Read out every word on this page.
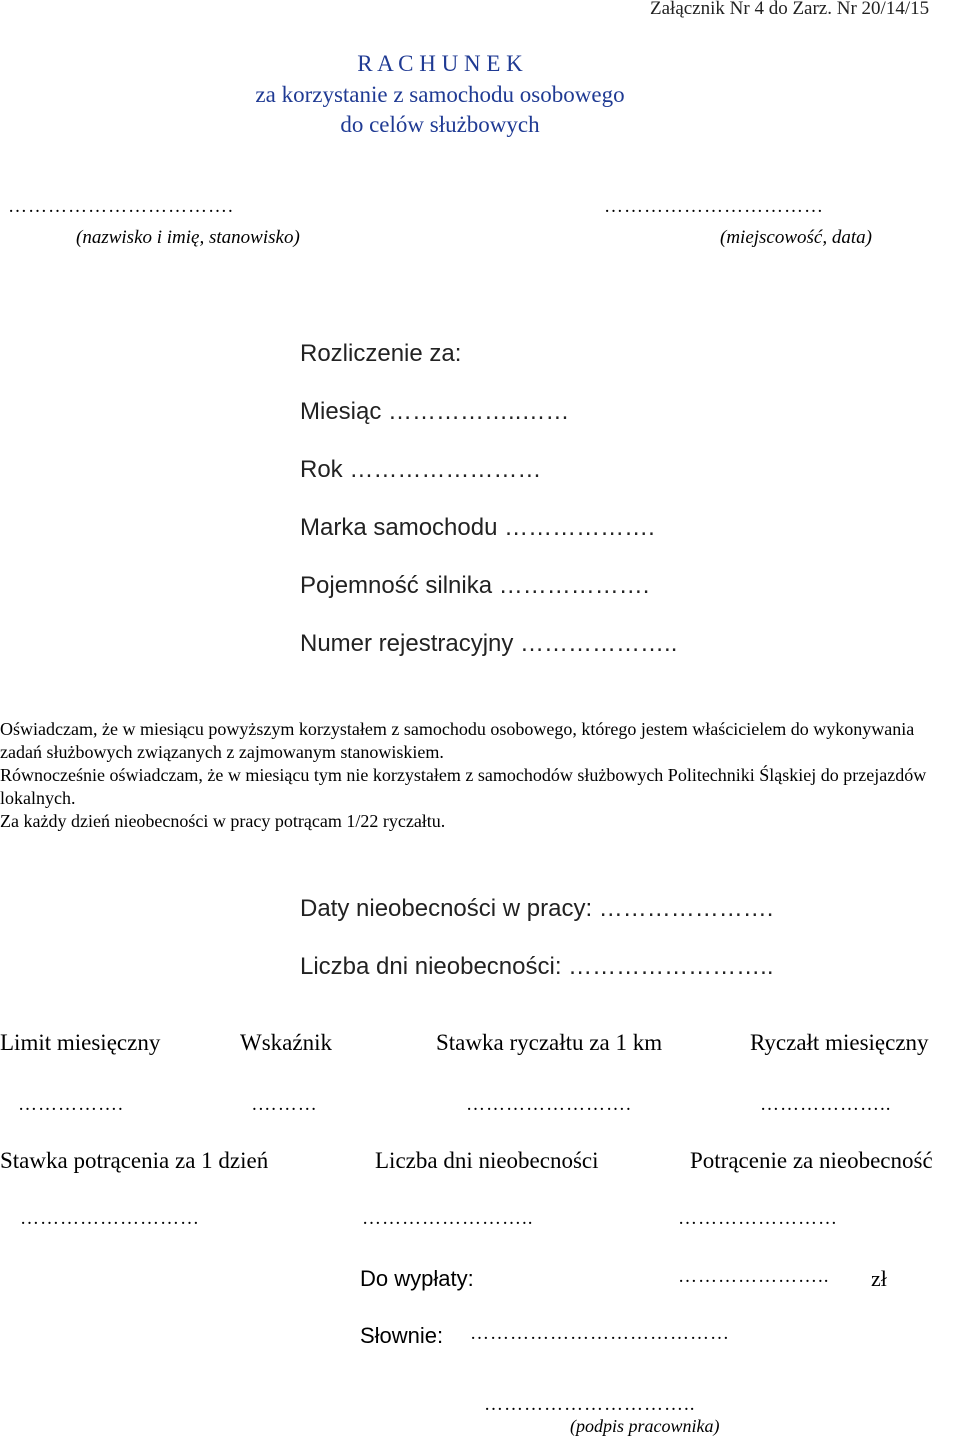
Załącznik Nr 4 do Zarz. Nr 20/14/15
R A C H U N E K
za korzystanie z samochodu osobowego
do celów służbowych
…………………………….
(nazwisko i imię, stanowisko)
……………………………
(miejscowość, data)
Rozliczenie za:
Miesiąc ……………..……
Rok ……………………
Marka samochodu ……………….
Pojemność silnika ……………….
Numer rejestracyjny ………………..
Oświadczam, że w miesiącu powyższym korzystałem z samochodu osobowego, którego jestem właścicielem do wykonywania zadań służbowych związanych z zajmowanym stanowiskiem.
Równocześnie oświadczam, że w miesiącu tym nie korzystałem z samochodów służbowych Politechniki Śląskiej do przejazdów lokalnych.
Za każdy dzień nieobecności w pracy potrącam 1/22 ryczałtu.
Daty nieobecności w pracy: ………………….
Liczba dni nieobecności: ……………………..
Limit miesięczny	Wskaźnik	Stawka ryczałtu za 1 km	Ryczałt miesięczny
…………….	.………	…………………….	………………..
Stawka potrącenia za 1 dzień	Liczba dni nieobecności	Potrącenie za nieobecność
………………………	……………………..	……………………
Do wypłaty:	………………….. zł
Słownie: …………………………………
…………………………..
(podpis pracownika)
